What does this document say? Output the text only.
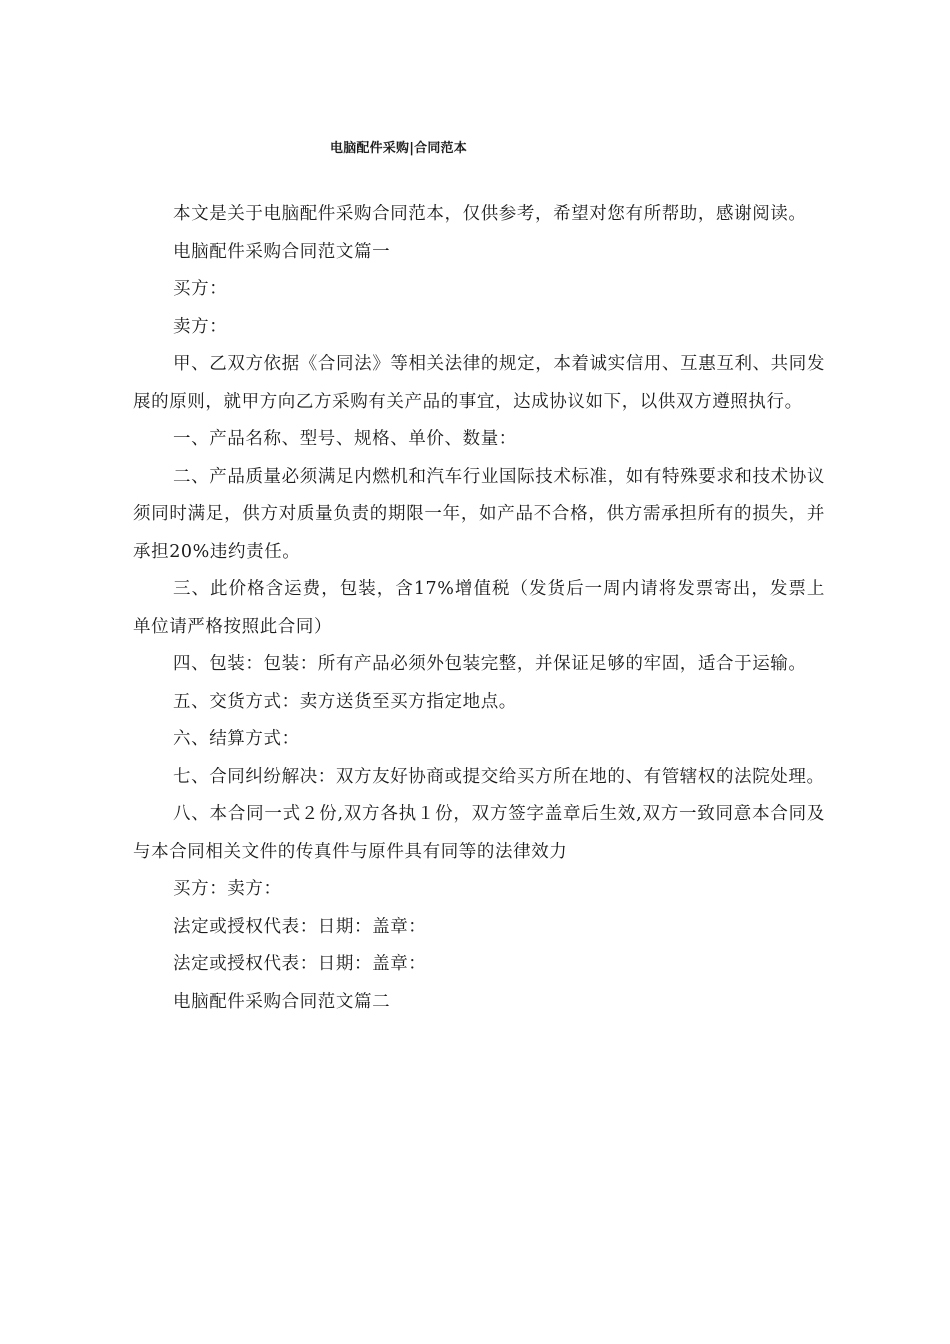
电脑配件采购|合同范本

本文是关于电脑配件采购合同范本，仅供参考，希望对您有所帮助，感谢阅读。

电脑配件采购合同范文篇一

买方：

卖方：

甲、乙双方依据《合同法》等相关法律的规定，本着诚实信用、互惠互利、共同发展的原则，就甲方向乙方采购有关产品的事宜，达成协议如下，以供双方遵照执行。

一、产品名称、型号、规格、单价、数量：

二、产品质量必须满足内燃机和汽车行业国际技术标准，如有特殊要求和技术协议须同时满足，供方对质量负责的期限一年，如产品不合格，供方需承担所有的损失，并承担20%违约责任。

三、此价格含运费，包装，含17%增值税（发货后一周内请将发票寄出，发票上单位请严格按照此合同）

四、包装：包装：所有产品必须外包装完整，并保证足够的牢固，适合于运输。

五、交货方式：卖方送货至买方指定地点。

六、结算方式：

七、合同纠纷解决：双方友好协商或提交给买方所在地的、有管辖权的法院处理。

八、本合同一式２份,双方各执１份，双方签字盖章后生效,双方一致同意本合同及与本合同相关文件的传真件与原件具有同等的法律效力

买方：卖方：

法定或授权代表：日期：盖章：

法定或授权代表：日期：盖章：

电脑配件采购合同范文篇二
